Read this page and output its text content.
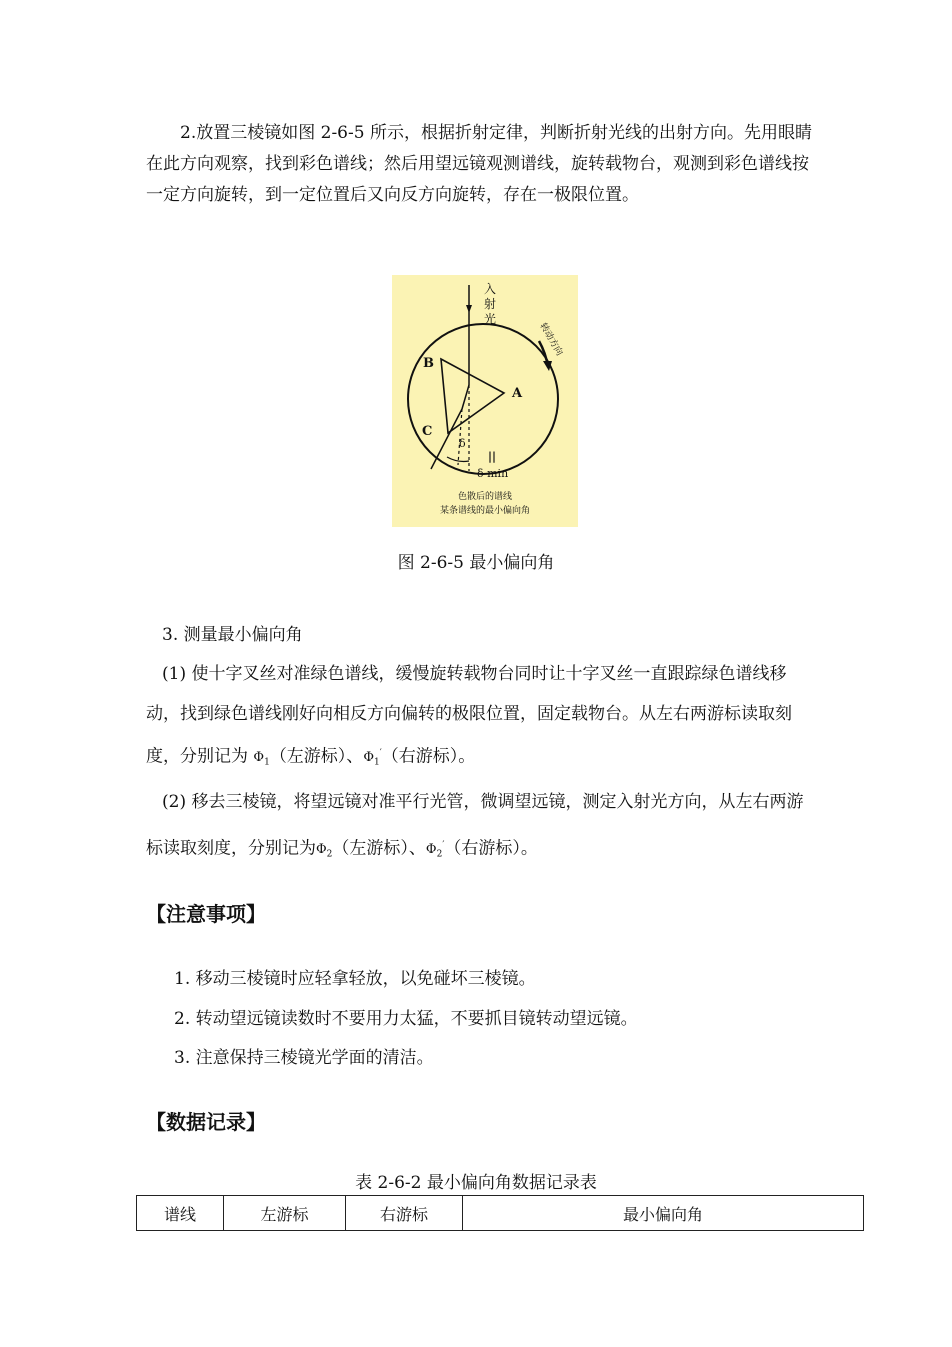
2.放置三棱镜如图 2-6-5 所示，根据折射定律，判断折射光线的出射方向。先用眼睛在此方向观察，找到彩色谱线；然后用望远镜观测谱线，旋转载物台，观测到彩色谱线按一定方向旋转，到一定位置后又向反方向旋转，存在一极限位置。

入
射
光
转动方向
B
A
C
δ
||
δ min
色散后的谱线
某条谱线的最小偏向角
图 2-6-5 最小偏向角
3. 测量最小偏向角

(1) 使十字叉丝对准绿色谱线，缓慢旋转载物台同时让十字叉丝一直跟踪绿色谱线移动，找到绿色谱线刚好向相反方向偏转的极限位置，固定载物台。从左右两游标读取刻度，分别记为 $\Phi_1$（左游标）、$\Phi_1'$（右游标）。

(2) 移去三棱镜，将望远镜对准平行光管，微调望远镜，测定入射光方向，从左右两游标读取刻度，分别记为$\Phi_2$（左游标）、$\Phi_2'$（右游标）。

【注意事项】
1. 移动三棱镜时应轻拿轻放，以免碰坏三棱镜。
2. 转动望远镜读数时不要用力太猛，不要抓目镜转动望远镜。
3. 注意保持三棱镜光学面的清洁。
【数据记录】
表 2-6-2 最小偏向角数据记录表
谱线	左游标	右游标	最小偏向角
